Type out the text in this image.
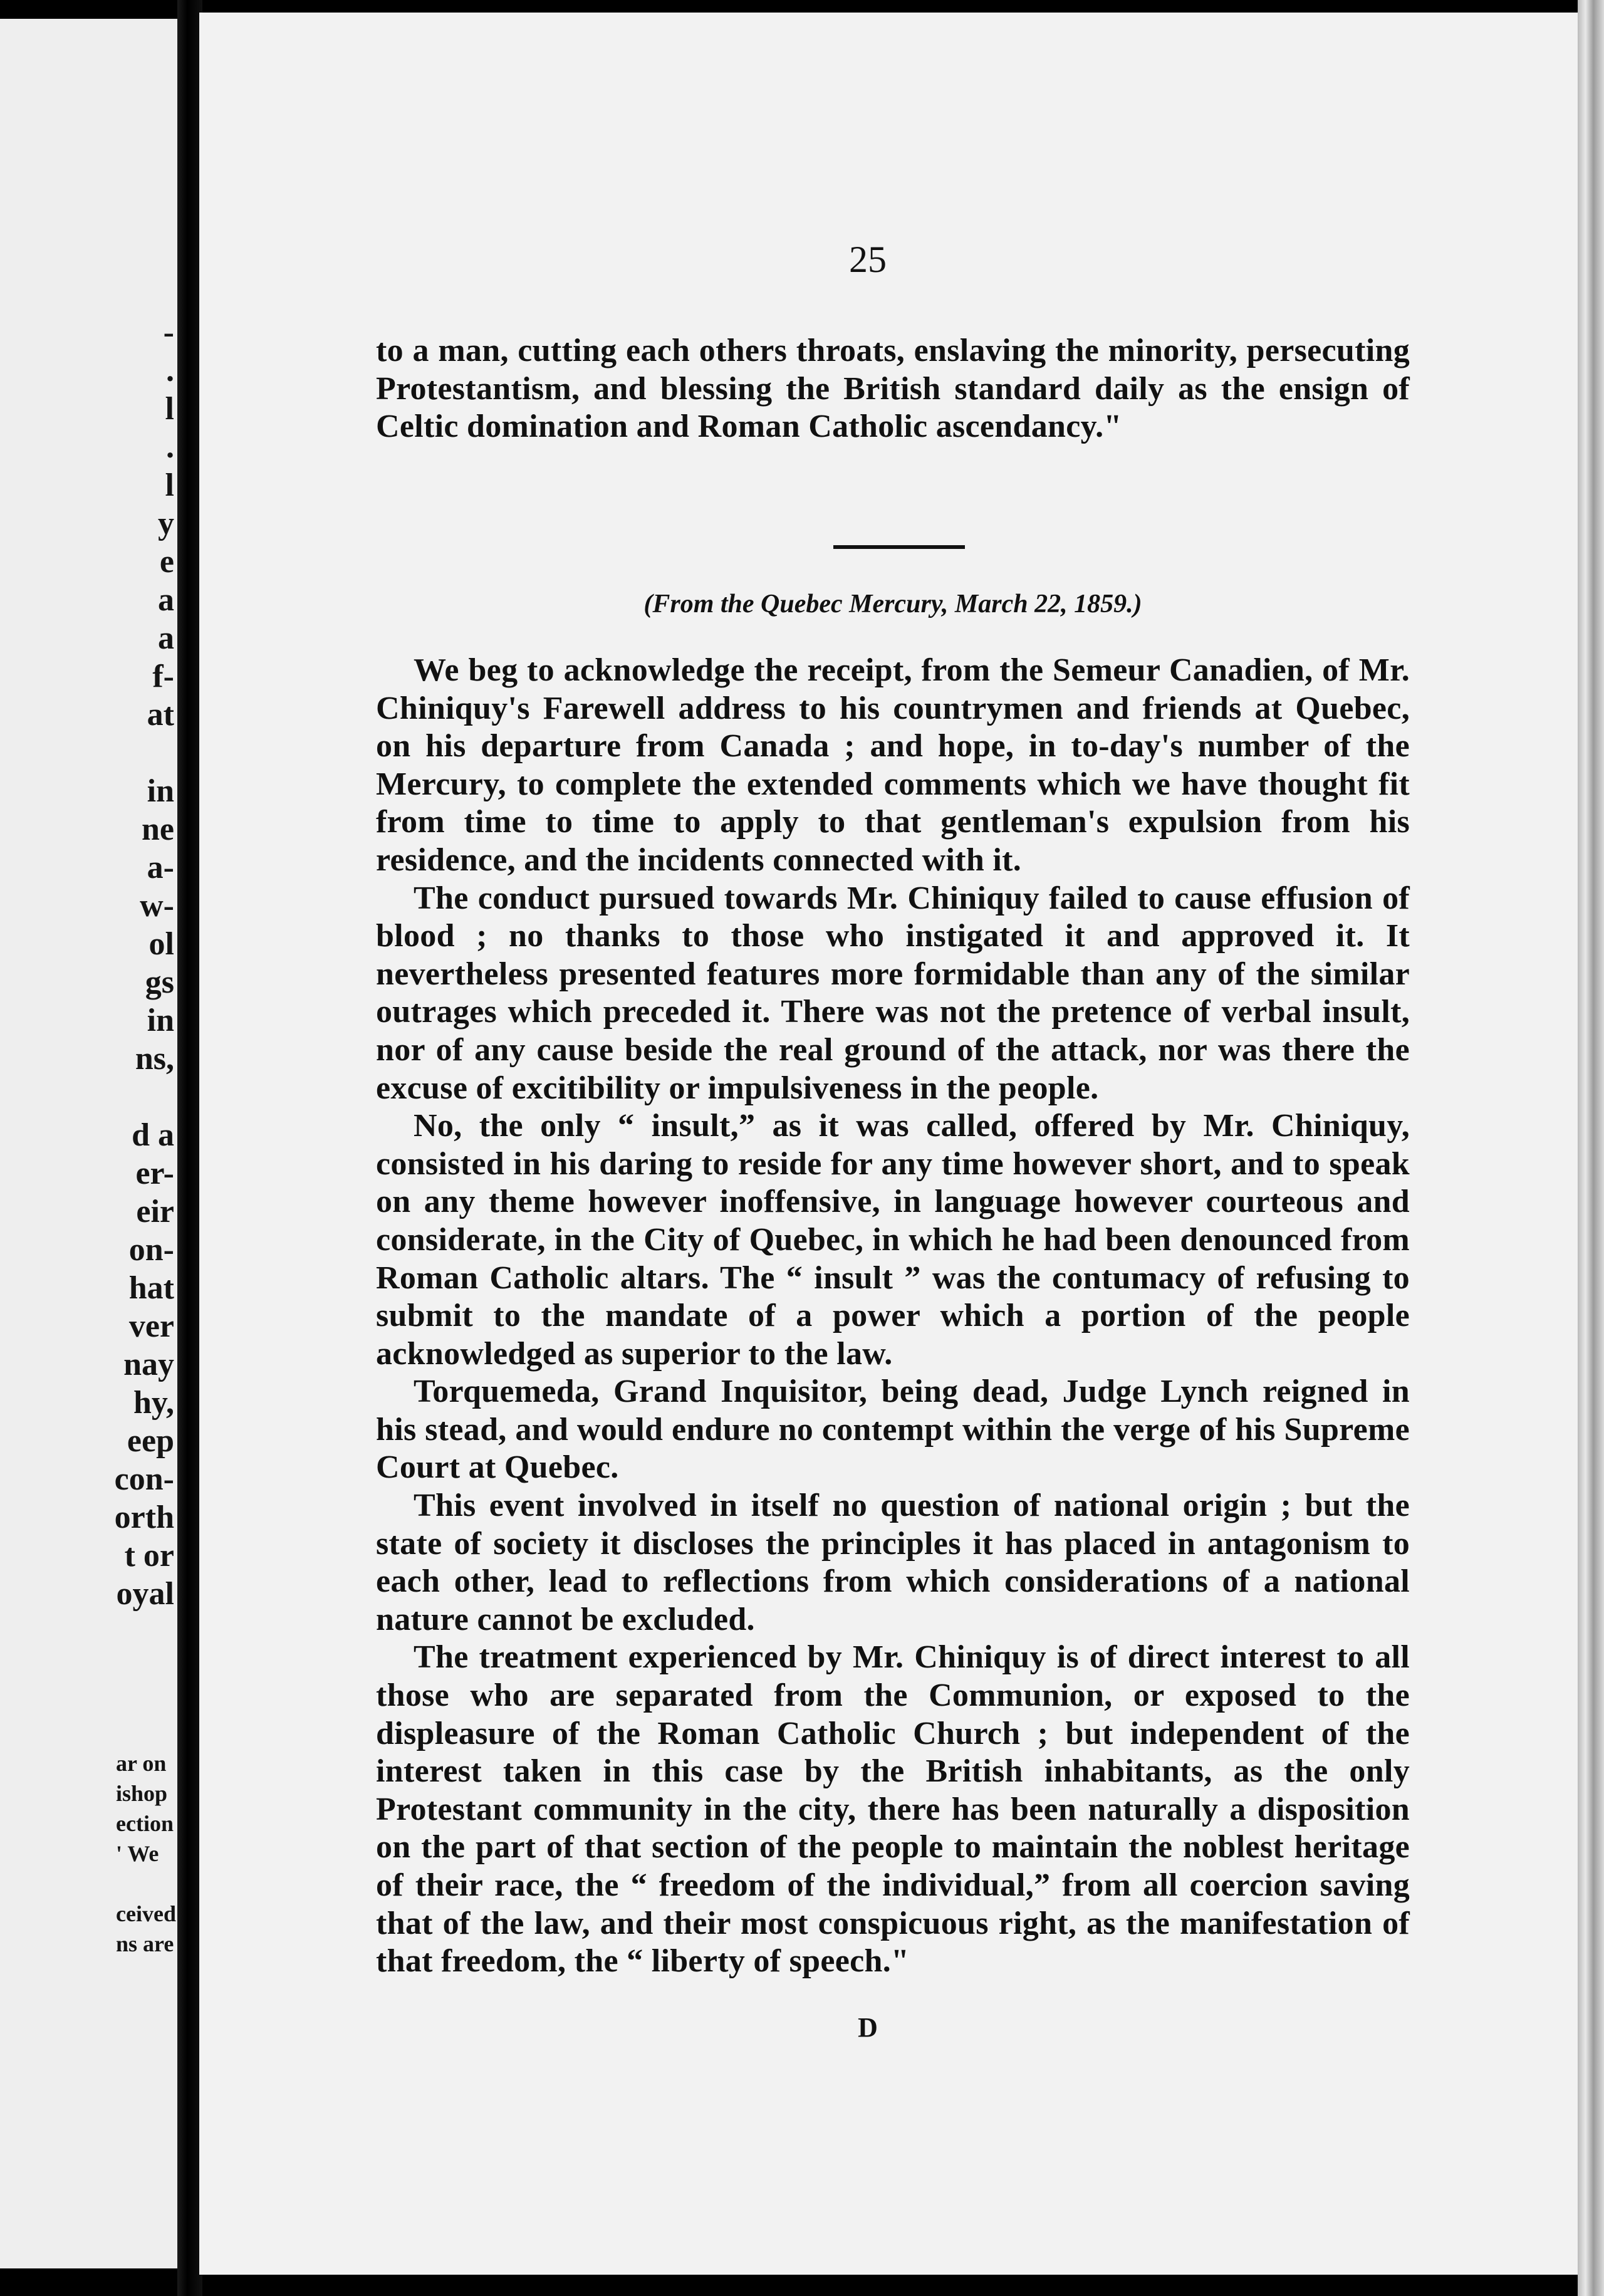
-
.
l
.
l
y
e
a
a
f-
at

in
ne
a-
w-
ol
gs
in
ns,

d a
er-
eir
on-
hat
ver
nay
hy,
eep
con-
orth
t or
oyal
ar on
ishop
ection
' We

ceived
ns are
25

to a man, cutting each others throats, enslaving the minority, persecuting Protestantism, and blessing the British standard daily as the ensign of Celtic domination and Roman Catholic ascendancy."

(From the Quebec Mercury, March 22, 1859.)

We beg to acknowledge the receipt, from the Semeur Canadien, of Mr. Chiniquy's Farewell address to his countrymen and friends at Quebec, on his departure from Canada ; and hope, in to-day's number of the Mercury, to complete the extended comments which we have thought fit from time to time to apply to that gentleman's expulsion from his residence, and the incidents connected with it.

The conduct pursued towards Mr. Chiniquy failed to cause effusion of blood ; no thanks to those who instigated it and approved it. It nevertheless presented features more formidable than any of the similar outrages which preceded it. There was not the pretence of verbal insult, nor of any cause beside the real ground of the attack, nor was there the excuse of excitibility or impulsiveness in the people.

No, the only “ insult,” as it was called, offered by Mr. Chiniquy, consisted in his daring to reside for any time however short, and to speak on any theme however inoffensive, in language however courteous and considerate, in the City of Quebec, in which he had been denounced from Roman Catholic altars. The “ insult ” was the contumacy of refusing to submit to the mandate of a power which a portion of the people acknowledged as superior to the law.

Torquemeda, Grand Inquisitor, being dead, Judge Lynch reigned in his stead, and would endure no contempt within the verge of his Supreme Court at Quebec.

This event involved in itself no question of national origin ; but the state of society it discloses the principles it has placed in antagonism to each other, lead to reflections from which considerations of a national nature cannot be excluded.

The treatment experienced by Mr. Chiniquy is of direct interest to all those who are separated from the Communion, or exposed to the displeasure of the Roman Catholic Church ; but independent of the interest taken in this case by the British inhabitants, as the only Protestant community in the city, there has been naturally a disposition on the part of that section of the people to maintain the noblest heritage of their race, the “ freedom of the individual,” from all coercion saving that of the law, and their most conspicuous right, as the manifestation of that freedom, the “ liberty of speech."

D
